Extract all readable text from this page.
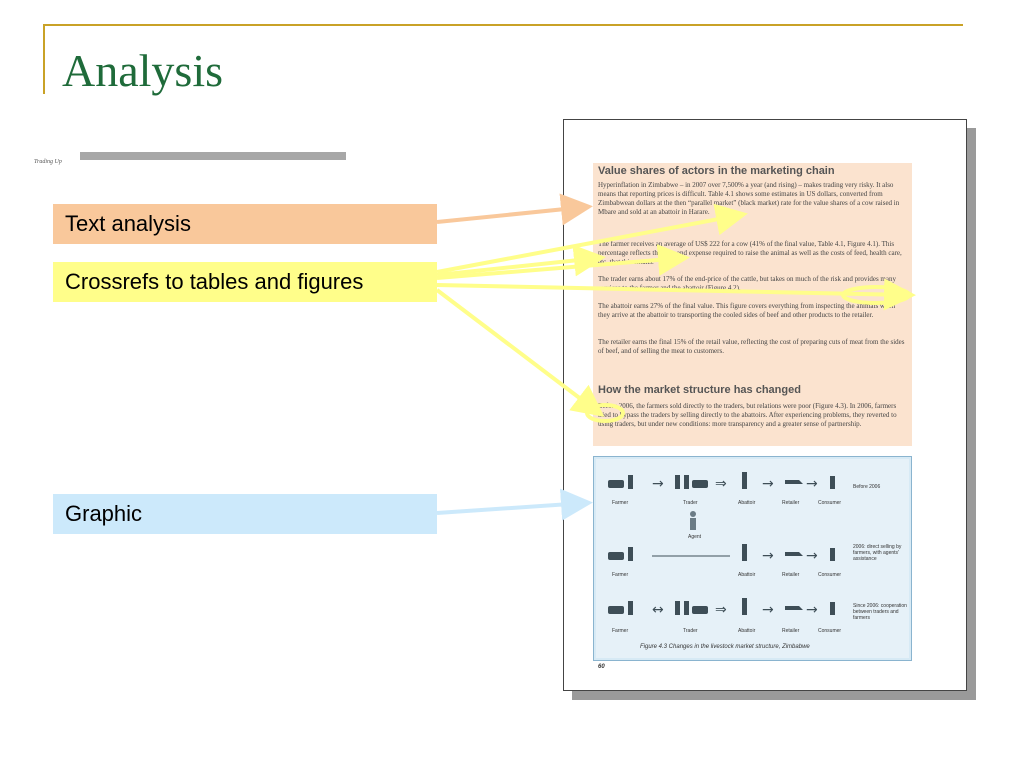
Analysis
Text analysis
Crossrefs to tables and figures
Graphic
Trading Up
Value shares of actors in the marketing chain

Hyperinflation in Zimbabwe – in 2007 over 7,500% a year (and rising) – makes trading very risky. It also means that reporting prices is difficult. Table 4.1 shows some estimates in US dollars, converted from Zimbabwean dollars at the then “parallel market” (black market) rate for the value shares of a cow raised in Mbare and sold at an abattoir in Harare.

The farmer receives an average of US$ 222 for a cow (41% of the final value, Table 4.1, Figure 4.1). This percentage reflects the time and expense required to raise the animal as well as the costs of feed, health care, etc. that this entails.

The trader earns about 17% of the end-price of the cattle, but takes on much of the risk and provides many services to the farmer and the abattoir (Figure 4.2).

The abattoir earns 27% of the final value. This figure covers everything from inspecting the animals when they arrive at the abattoir to transporting the cooled sides of beef and other products to the retailer.

The retailer earns the final 15% of the retail value, reflecting the cost of preparing cuts of meat from the sides of beef, and of selling the meat to customers.

How the market structure has changed

Before 2006, the farmers sold directly to the traders, but relations were poor (Figure 4.3). In 2006, farmers tried to bypass the traders by selling directly to the abattoirs. After experiencing problems, they reverted to using traders, but under new conditions: more transparency and a greater sense of partnership.

→	⇒	→ →
→ →
↔	⇒	→ →
Farmer	Trader	Abattoir	Retailer	Consumer
Before 2006
Agent
Farmer	Abattoir	Retailer	Consumer
2006: direct selling by farmers, with agents' assistance
Farmer	Trader	Abattoir	Retailer	Consumer
Since 2006: cooperation between traders and farmers
Figure 4.3 Changes in the livestock market structure, Zimbabwe
60
